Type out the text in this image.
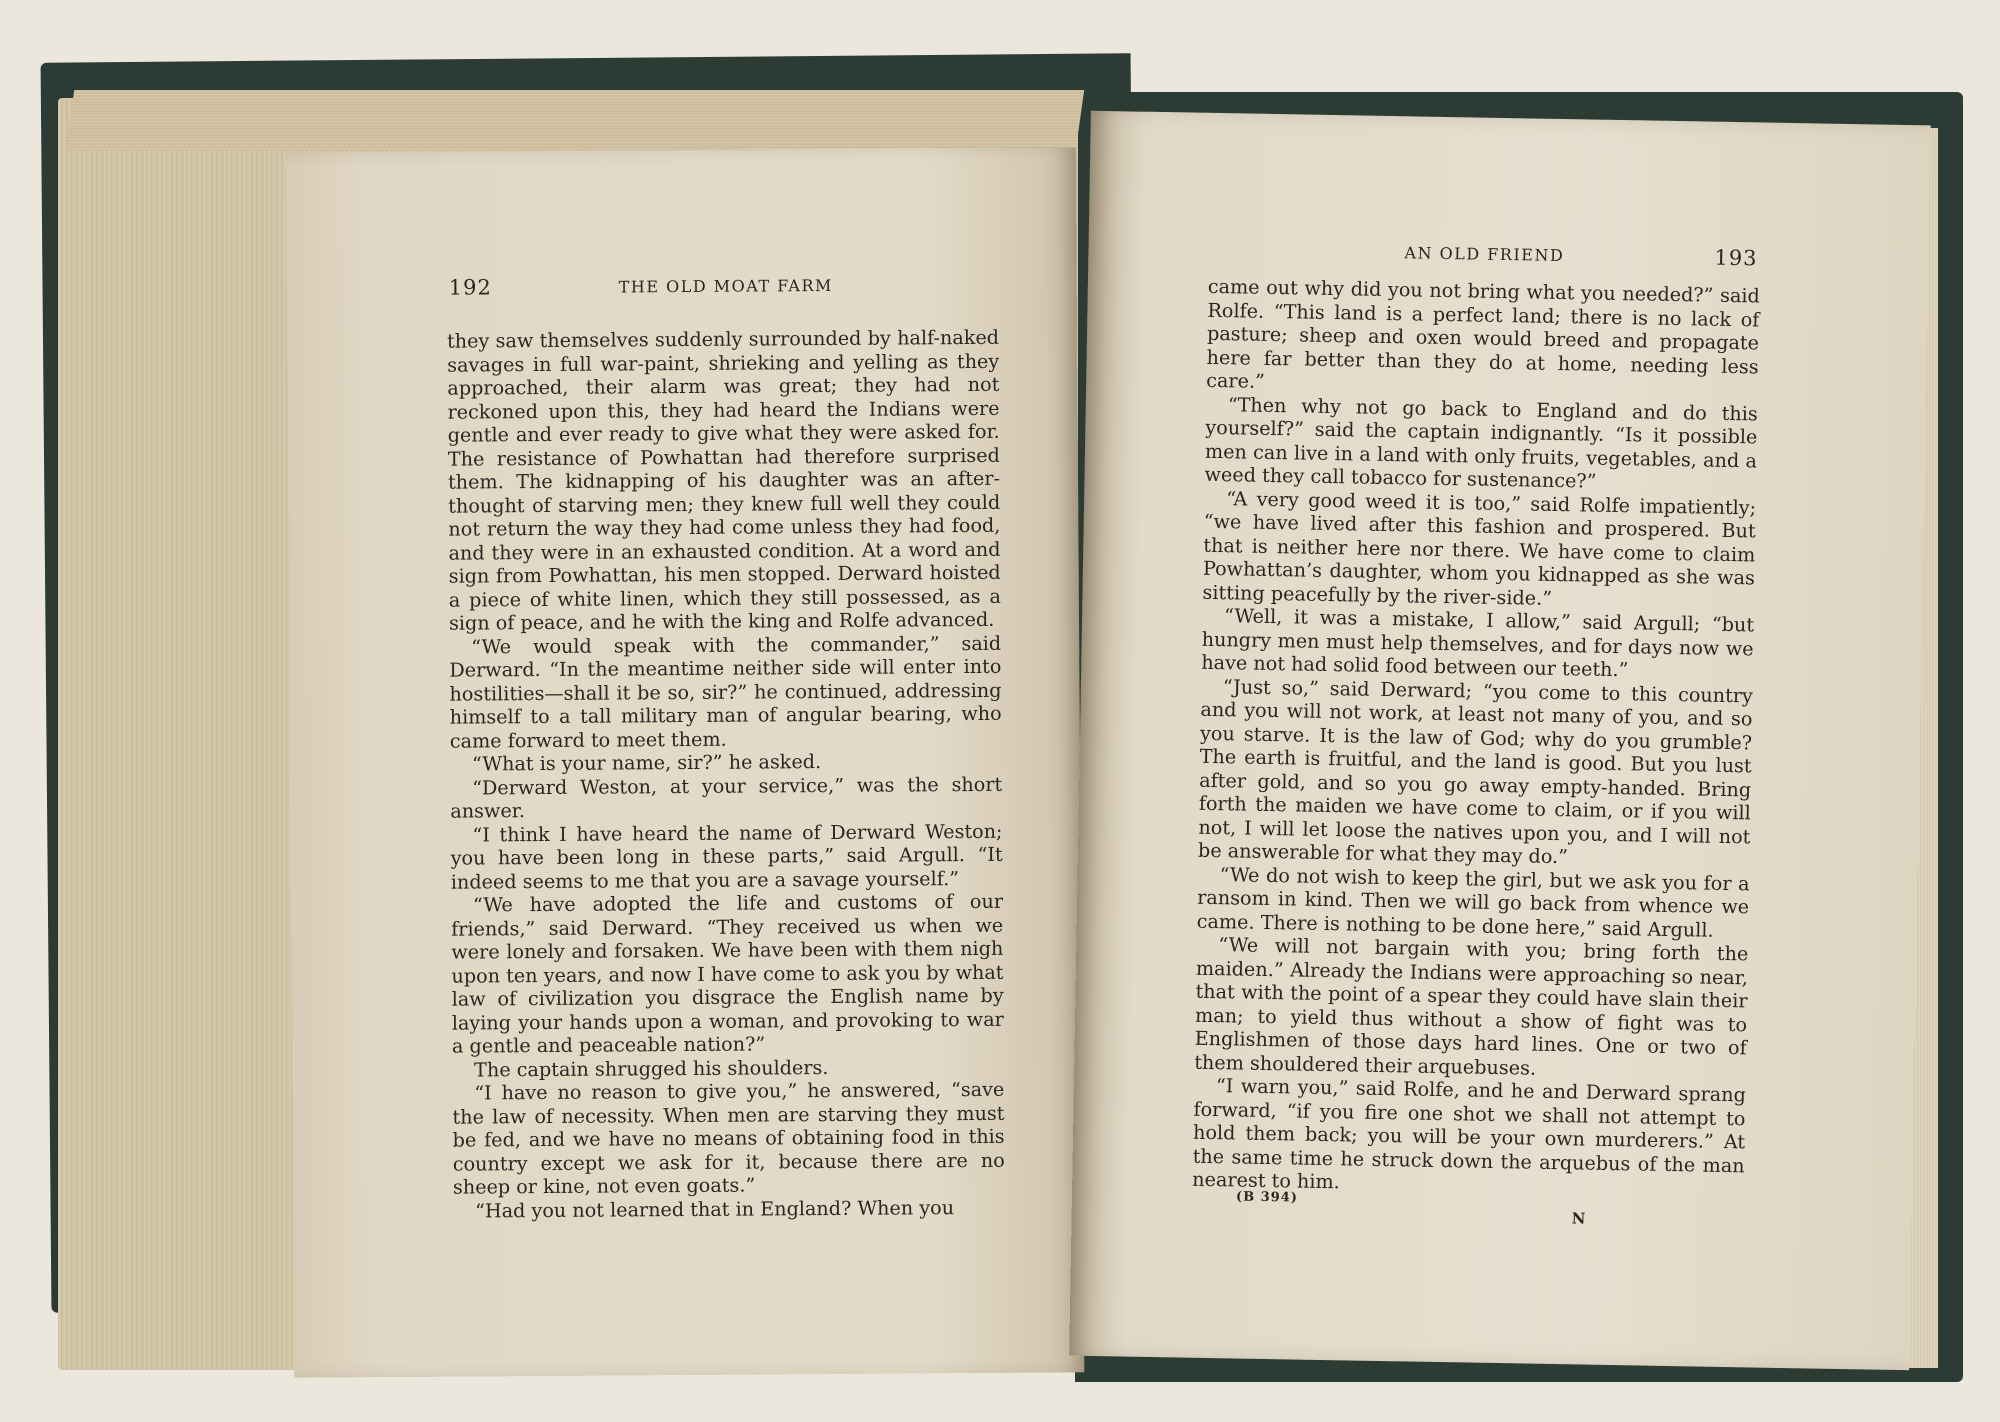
192	THE OLD MOAT FARM

they saw themselves suddenly surrounded by half-naked savages in full war-paint, shrieking and yelling as they approached, their alarm was great; they had not reckoned upon this, they had heard the Indians were gentle and ever ready to give what they were asked for. The resistance of Powhattan had therefore surprised them. The kidnapping of his daughter was an after-thought of starving men; they knew full well they could not return the way they had come unless they had food, and they were in an exhausted condition. At a word and sign from Powhattan, his men stopped. Derward hoisted a piece of white linen, which they still possessed, as a sign of peace, and he with the king and Rolfe advanced.

“We would speak with the commander,” said Derward. “In the meantime neither side will enter into hostilities—shall it be so, sir?” he continued, addressing himself to a tall military man of angular bearing, who came forward to meet them.

“What is your name, sir?” he asked.

“Derward Weston, at your service,” was the short answer.

“I think I have heard the name of Derward Weston; you have been long in these parts,” said Argull. “It indeed seems to me that you are a savage yourself.”

“We have adopted the life and customs of our friends,” said Derward. “They received us when we were lonely and forsaken. We have been with them nigh upon ten years, and now I have come to ask you by what law of civilization you disgrace the English name by laying your hands upon a woman, and provoking to war a gentle and peaceable nation?”

The captain shrugged his shoulders.

“I have no reason to give you,” he answered, “save the law of necessity. When men are starving they must be fed, and we have no means of obtaining food in this country except we ask for it, because there are no sheep or kine, not even goats.”

“Had you not learned that in England? When you

AN OLD FRIEND	193

came out why did you not bring what you needed?” said Rolfe. “This land is a perfect land; there is no lack of pasture; sheep and oxen would breed and propagate here far better than they do at home, needing less care.”

“Then why not go back to England and do this yourself?” said the captain indignantly. “Is it possible men can live in a land with only fruits, vegetables, and a weed they call tobacco for sustenance?”

“A very good weed it is too,” said Rolfe impatiently; “we have lived after this fashion and prospered. But that is neither here nor there. We have come to claim Powhattan’s daughter, whom you kidnapped as she was sitting peacefully by the river-side.”

“Well, it was a mistake, I allow,” said Argull; “but hungry men must help themselves, and for days now we have not had solid food between our teeth.”

“Just so,” said Derward; “you come to this country and you will not work, at least not many of you, and so you starve. It is the law of God; why do you grumble? The earth is fruitful, and the land is good. But you lust after gold, and so you go away empty-handed. Bring forth the maiden we have come to claim, or if you will not, I will let loose the natives upon you, and I will not be answerable for what they may do.”

“We do not wish to keep the girl, but we ask you for a ransom in kind. Then we will go back from whence we came. There is nothing to be done here,” said Argull.

“We will not bargain with you; bring forth the maiden.” Already the Indians were approaching so near, that with the point of a spear they could have slain their man; to yield thus without a show of fight was to Englishmen of those days hard lines. One or two of them shouldered their arquebuses.

“I warn you,” said Rolfe, and he and Derward sprang forward, “if you fire one shot we shall not attempt to hold them back; you will be your own murderers.” At the same time he struck down the arquebus of the man nearest to him.

(B 394)
N
